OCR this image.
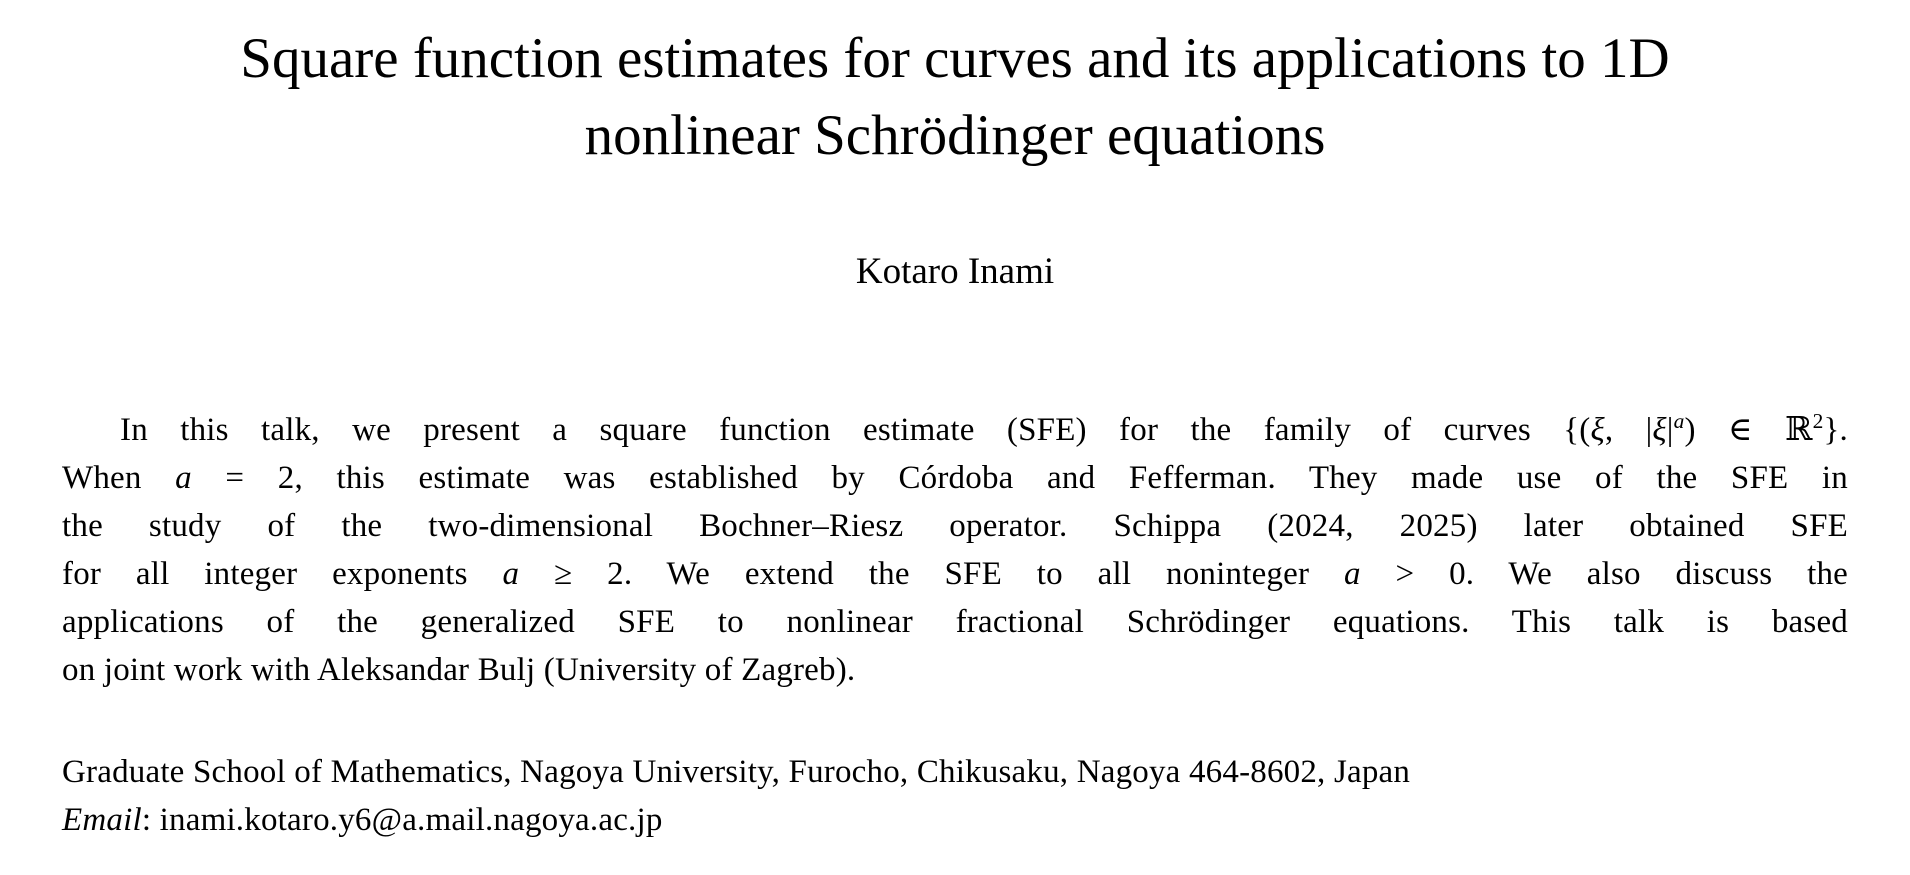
Square function estimates for curves and its applications to 1D
nonlinear Schrödinger equations
Kotaro Inami
In this talk, we present a square function estimate (SFE) for the family of curves {(ξ, $|\xi|^a$) ∈ ℝ$^2$}.
When a = 2, this estimate was established by Córdoba and Fefferman. They made use of the SFE in
the study of the two-dimensional Bochner–Riesz operator. Schippa (2024, 2025) later obtained SFE
for all integer exponents a ≥ 2. We extend the SFE to all noninteger a > 0. We also discuss the
applications of the generalized SFE to nonlinear fractional Schrödinger equations. This talk is based
on joint work with Aleksandar Bulj (University of Zagreb).
Graduate School of Mathematics, Nagoya University, Furocho, Chikusaku, Nagoya 464-8602, Japan
Email: inami.kotaro.y6@a.mail.nagoya.ac.jp
